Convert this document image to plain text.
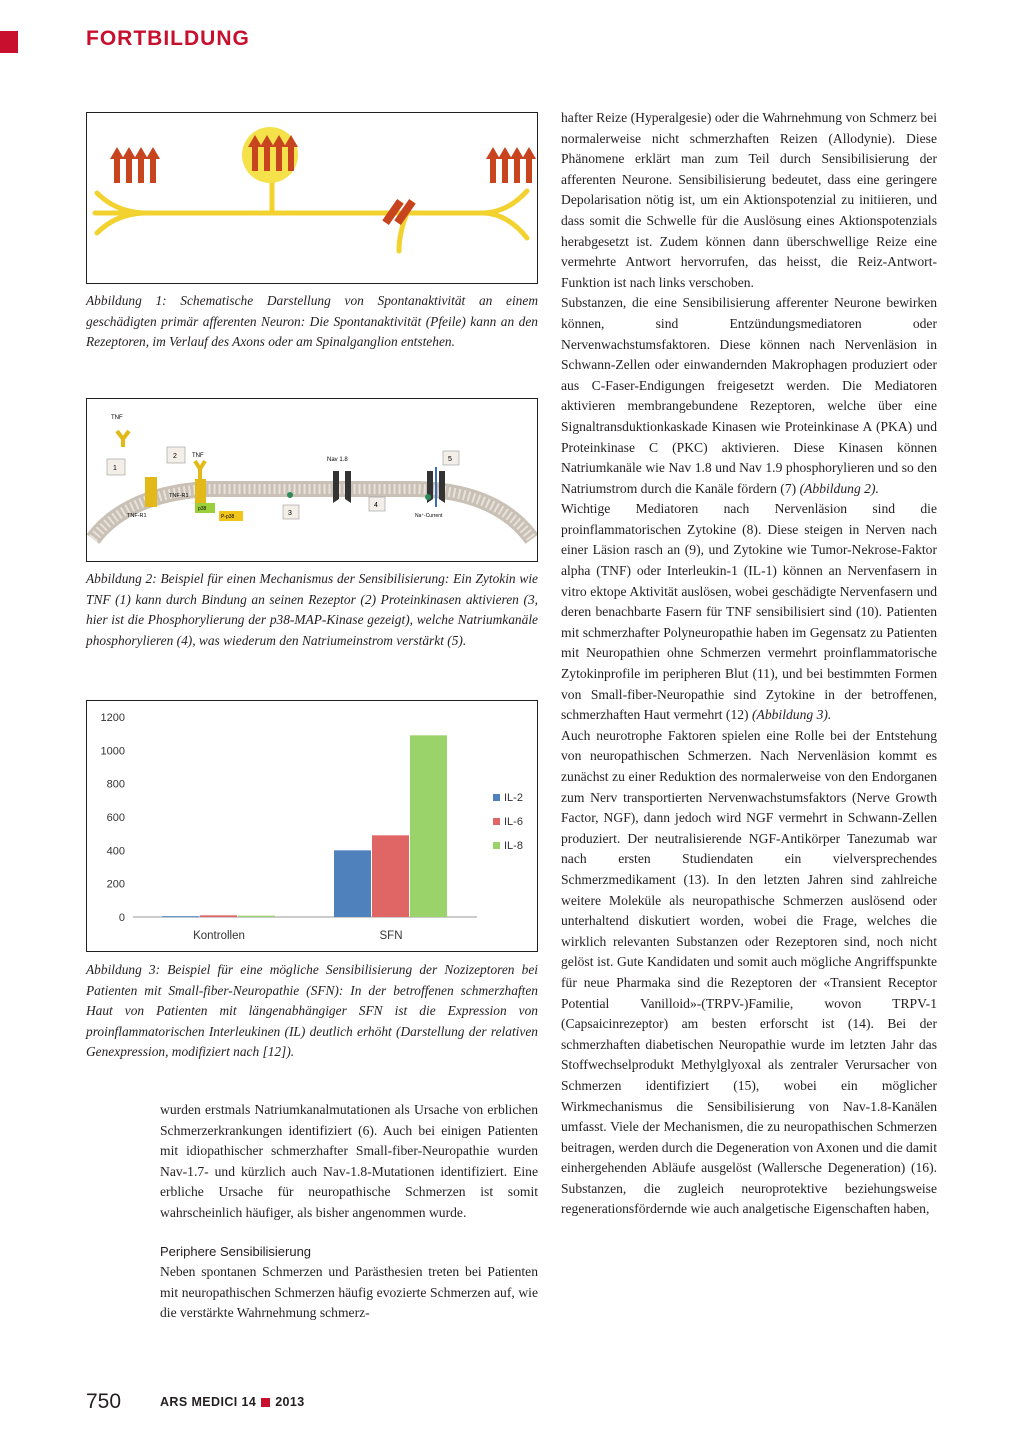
FORTBILDUNG
Abbildung 1: Schematische Darstellung von Spontanaktivität an einem geschädigten primär afferenten Neuron: Die Spontanaktivität (Pfeile) kann an den Rezeptoren, im Verlauf des Axons oder am Spinalganglion entstehen.
TNF
1
TNF-R1
2	TNF
TNF-R1
p38
P-p38	3
Nav 1.8
4
5
Na⁺-Current
Abbildung 2: Beispiel für einen Mechanismus der Sensibilisierung: Ein Zytokin wie TNF (1) kann durch Bindung an seinen Rezeptor (2) Proteinkinasen aktivieren (3, hier ist die Phosphorylierung der p38-MAP-Kinase gezeigt), welche Natriumkanäle phosphorylieren (4), was wiederum den Natriumeinstrom verstärkt (5).
0
200
400
600
800
1000
1200
Kontrollen	SFN
IL-2
IL-6
IL-8
Abbildung 3: Beispiel für eine mögliche Sensibilisierung der Nozizeptoren bei Patienten mit Small-fiber-Neuropathie (SFN): In der betroffenen schmerzhaften Haut von Patienten mit längenabhängiger SFN ist die Expression von proinflammatorischen Interleukinen (IL) deutlich erhöht (Darstellung der relativen Genexpression, modifiziert nach [12]).

wurden erstmals Natriumkanalmutationen als Ursache von erblichen Schmerzerkrankungen identifiziert (6). Auch bei einigen Patienten mit idiopathischer schmerzhafter Small-fiber-Neuropathie wurden Nav-1.7- und kürzlich auch Nav-1.8-Mutationen identifiziert. Eine erbliche Ursache für neuropathische Schmerzen ist somit wahrscheinlich häufiger, als bisher angenommen wurde.

Periphere Sensibilisierung

Neben spontanen Schmerzen und Parästhesien treten bei Patienten mit neuropathischen Schmerzen häufig evozierte Schmerzen auf, wie die verstärkte Wahrnehmung schmerz-

hafter Reize (Hyperalgesie) oder die Wahrnehmung von Schmerz bei normalerweise nicht schmerzhaften Reizen (Allodynie). Diese Phänomene erklärt man zum Teil durch Sensibilisierung der afferenten Neurone. Sensibilisierung bedeutet, dass eine geringere Depolarisation nötig ist, um ein Aktionspotenzial zu initiieren, und dass somit die Schwelle für die Auslösung eines Aktionspotenzials herabgesetzt ist. Zudem können dann überschwellige Reize eine vermehrte Antwort hervorrufen, das heisst, die Reiz-Antwort-Funktion ist nach links verschoben.

Substanzen, die eine Sensibilisierung afferenter Neurone bewirken können, sind Entzündungsmediatoren oder Nervenwachstumsfaktoren. Diese können nach Nervenläsion in Schwann-Zellen oder einwandernden Makrophagen produziert oder aus C-Faser-Endigungen freigesetzt werden. Die Mediatoren aktivieren membrangebundene Rezeptoren, welche über eine Signaltransduktionkaskade Kinasen wie Proteinkinase A (PKA) und Proteinkinase C (PKC) aktivieren. Diese Kinasen können Natriumkanäle wie Nav 1.8 und Nav 1.9 phosphorylieren und so den Natriumstrom durch die Kanäle fördern (7) (Abbildung 2).

Wichtige Mediatoren nach Nervenläsion sind die proinflammatorischen Zytokine (8). Diese steigen in Nerven nach einer Läsion rasch an (9), und Zytokine wie Tumor-Nekrose-Faktor alpha (TNF) oder Interleukin-1 (IL-1) können an Nervenfasern in vitro ektope Aktivität auslösen, wobei geschädigte Nervenfasern und deren benachbarte Fasern für TNF sensibilisiert sind (10). Patienten mit schmerzhafter Polyneuropathie haben im Gegensatz zu Patienten mit Neuropathien ohne Schmerzen vermehrt proinflammatorische Zytokinprofile im peripheren Blut (11), und bei bestimmten Formen von Small-fiber-Neuropathie sind Zytokine in der betroffenen, schmerzhaften Haut vermehrt (12) (Abbildung 3).

Auch neurotrophe Faktoren spielen eine Rolle bei der Entstehung von neuropathischen Schmerzen. Nach Nervenläsion kommt es zunächst zu einer Reduktion des normalerweise von den Endorganen zum Nerv transportierten Nervenwachstumsfaktors (Nerve Growth Factor, NGF), dann jedoch wird NGF vermehrt in Schwann-Zellen produziert. Der neutralisierende NGF-Antikörper Tanezumab war nach ersten Studiendaten ein vielversprechendes Schmerzmedikament (13). In den letzten Jahren sind zahlreiche weitere Moleküle als neuropathische Schmerzen auslösend oder unterhaltend diskutiert worden, wobei die Frage, welches die wirklich relevanten Substanzen oder Rezeptoren sind, noch nicht gelöst ist. Gute Kandidaten und somit auch mögliche Angriffspunkte für neue Pharmaka sind die Rezeptoren der «Transient Receptor Potential Vanilloid»-(TRPV-)Familie, wovon TRPV-1 (Capsaicinrezeptor) am besten erforscht ist (14). Bei der schmerzhaften diabetischen Neuropathie wurde im letzten Jahr das Stoffwechselprodukt Methylglyoxal als zentraler Verursacher von Schmerzen identifiziert (15), wobei ein möglicher Wirkmechanismus die Sensibilisierung von Nav-1.8-Kanälen umfasst. Viele der Mechanismen, die zu neuropathischen Schmerzen beitragen, werden durch die Degeneration von Axonen und die damit einhergehenden Abläufe ausgelöst (Wallersche Degeneration) (16). Substanzen, die zugleich neuroprotektive beziehungsweise regenerationsfördernde wie auch analgetische Eigenschaften haben,

750	ARS MEDICI 14 2013
